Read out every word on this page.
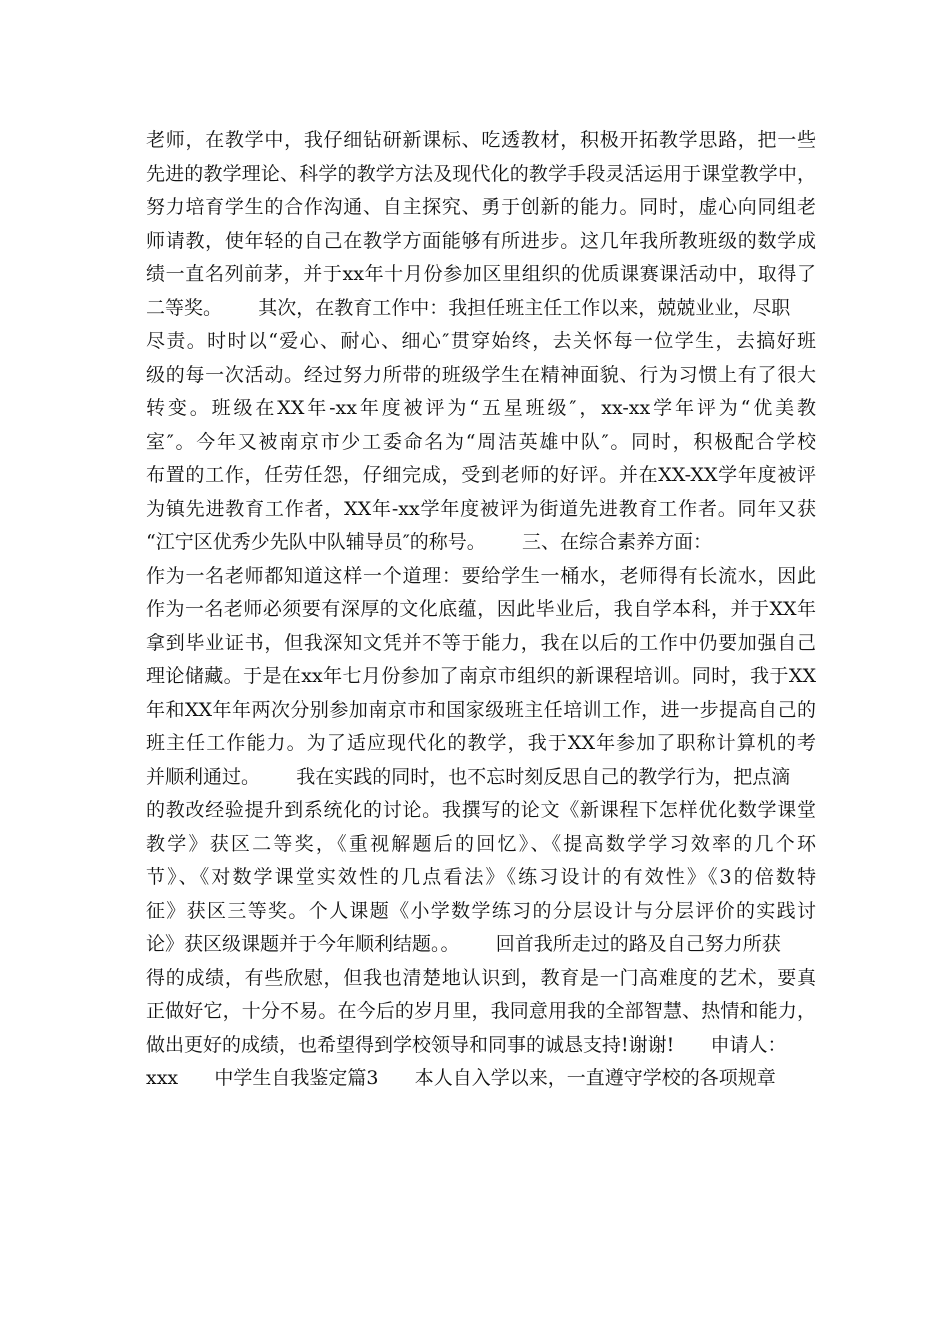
老师，在教学中，我仔细钻研新课标、吃透教材，积极开拓教学思路，把一些
先进的教学理论、科学的教学方法及现代化的教学手段灵活运用于课堂教学中，
努力培育学生的合作沟通、自主探究、勇于创新的能力。同时，虚心向同组老
师请教，使年轻的自己在教学方面能够有所进步。这几年我所教班级的数学成
绩一直名列前茅，并于xx年十月份参加区里组织的优质课赛课活动中，取得了
二等奖。      其次，在教育工作中：我担任班主任工作以来，兢兢业业，尽职
尽责。时时以“爱心、耐心、细心″贯穿始终，去关怀每一位学生，去搞好班
级的每一次活动。经过努力所带的班级学生在精神面貌、行为习惯上有了很大
转变。班级在XX年-xx年度被评为“五星班级″，xx-xx学年评为“优美教
室″。今年又被南京市少工委命名为“周洁英雄中队″。同时，积极配合学校
布置的工作，任劳任怨，仔细完成，受到老师的好评。并在XX-XX学年度被评
为镇先进教育工作者，XX年-xx学年度被评为街道先进教育工作者。同年又获
“江宁区优秀少先队中队辅导员″的称号。      三、在综合素养方面：
作为一名老师都知道这样一个道理：要给学生一桶水，老师得有长流水，因此
作为一名老师必须要有深厚的文化底蕴，因此毕业后，我自学本科，并于XX年
拿到毕业证书，但我深知文凭并不等于能力，我在以后的工作中仍要加强自己
理论储藏。于是在xx年七月份参加了南京市组织的新课程培训。同时，我于XX
年和XX年年两次分别参加南京市和国家级班主任培训工作，进一步提高自己的
班主任工作能力。为了适应现代化的教学，我于XX年参加了职称计算机的考
并顺利通过。      我在实践的同时，也不忘时刻反思自己的教学行为，把点滴
的教改经验提升到系统化的讨论。我撰写的论文《新课程下怎样优化数学课堂
教学》获区二等奖，《重视解题后的回忆》、《提高数学学习效率的几个环
节》、《对数学课堂实效性的几点看法》《练习设计的有效性》《3的倍数特
征》获区三等奖。个人课题《小学数学练习的分层设计与分层评价的实践讨
论》获区级课题并于今年顺利结题。。      回首我所走过的路及自己努力所获
得的成绩，有些欣慰，但我也清楚地认识到，教育是一门高难度的艺术，要真
正做好它，十分不易。在今后的岁月里，我同意用我的全部智慧、热情和能力，
做出更好的成绩，也希望得到学校领导和同事的诚恳支持!谢谢!      申请人：
xxx      中学生自我鉴定篇3      本人自入学以来，一直遵守学校的各项规章
